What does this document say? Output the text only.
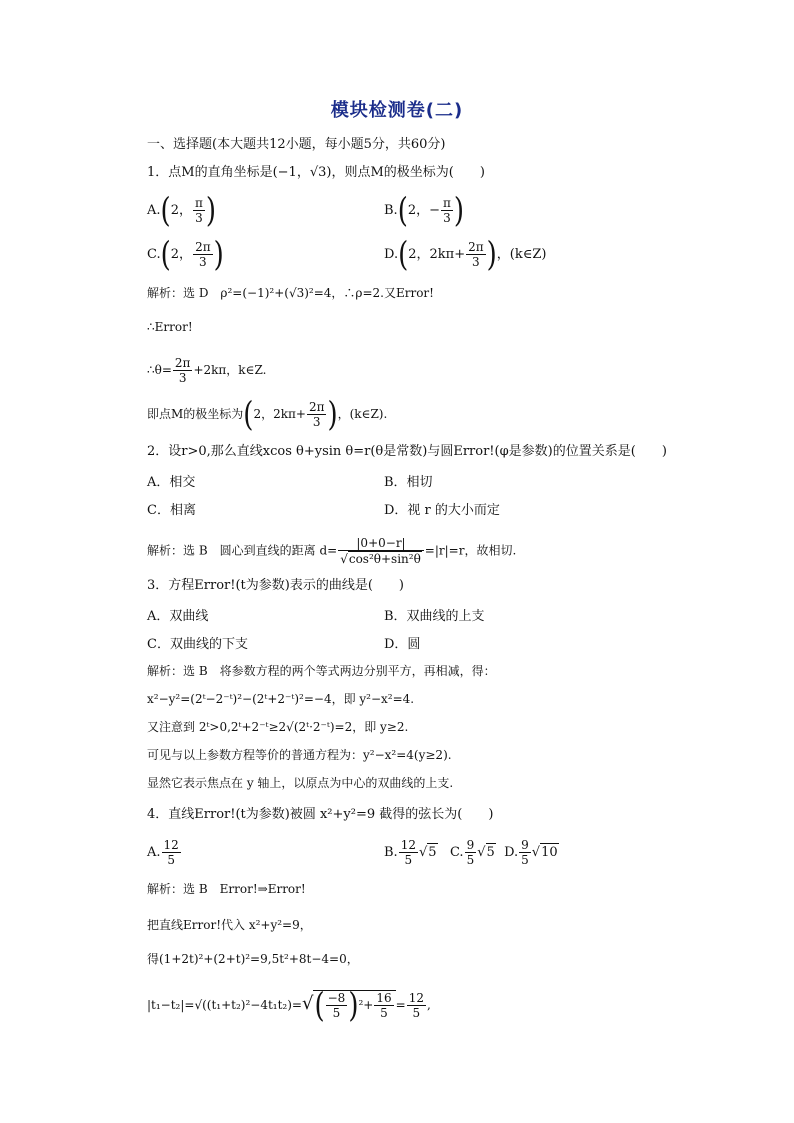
模块检测卷(二)
一、选择题(本大题共12小题，每小题5分，共60分)
1．点M的直角坐标是(−1，√3)，则点M的极坐标为(　　)
A.(2， $\frac{\pi}{3}$ )	B.(2，− $\frac{\pi}{3}$ )
C.(2， $\frac{2\pi}{3}$ )	D.(2，$2k\pi+ \frac{2\pi}{3}$ )，(k∈Z)
解析：选 D　ρ²=(−1)²+(√3)²=4，∴ρ=2.又Error!
∴Error!
∴θ= $\frac{2\pi}{3} +2k\pi$，k∈Z.
即点M的极坐标为(2，$2k\pi+ \frac{2\pi}{3}$ )，(k∈Z).
2．设r>0,那么直线xcos θ+ysin θ=r(θ是常数)与圆Error!(φ是参数)的位置关系是(　　)
A．相交	B．相切
C．相离	D．视 r 的大小而定
解析：选 B　圆心到直线的距离 $d= \frac{|0+0-r|}{\text{√cos²θ+sin²θ}} =|r|=r$，故相切.
3．方程Error!(t为参数)表示的曲线是(　　)
A．双曲线	B．双曲线的上支
C．双曲线的下支	D．圆
解析：选 B　将参数方程的两个等式两边分别平方，再相减，得：
x²−y²=(2ᵗ−2⁻ᵗ)²−(2ᵗ+2⁻ᵗ)²=−4，即 y²−x²=4.
又注意到 2ᵗ>0,2ᵗ+2⁻ᵗ≥2√(2ᵗ·2⁻ᵗ)=2，即 y≥2.
可见与以上参数方程等价的普通方程为：y²−x²=4(y≥2).
显然它表示焦点在 y 轴上，以原点为中心的双曲线的上支.
4．直线Error!(t为参数)被圆 x²+y²=9 截得的弦长为(　　)
A. $\frac{12}{5}$	B. $\frac{12}{5} √5$ C. $\frac{9}{5} √5$ D. $\frac{9}{5} √10$
解析：选 B　Error!⇒Error!
把直线Error!代入 x²+y²=9，
得(1+2t)²+(2+t)²=9,5t²+8t−4=0，
$|t_1-t_2|=√((t_1+t_2)^2-4t_1t_2)=√( \frac{-8}{5} )^2+ \frac{16}{5} = \frac{12}{5}$ ,
